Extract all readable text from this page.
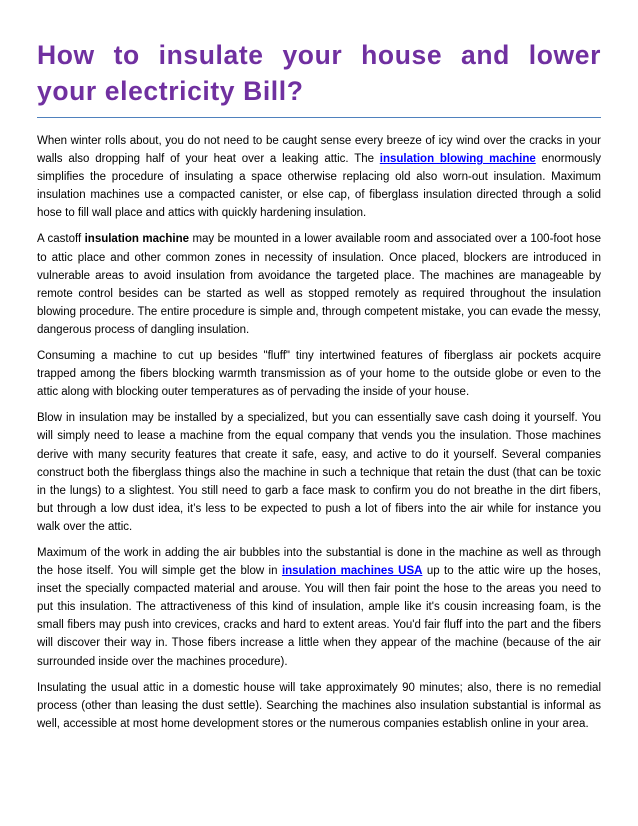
How to insulate your house and lower your electricity Bill?

When winter rolls about, you do not need to be caught sense every breeze of icy wind over the cracks in your walls also dropping half of your heat over a leaking attic. The insulation blowing machine enormously simplifies the procedure of insulating a space otherwise replacing old also worn-out insulation. Maximum insulation machines use a compacted canister, or else cap, of fiberglass insulation directed through a solid hose to fill wall place and attics with quickly hardening insulation.

A castoff insulation machine may be mounted in a lower available room and associated over a 100-foot hose to attic place and other common zones in necessity of insulation. Once placed, blockers are introduced in vulnerable areas to avoid insulation from avoidance the targeted place. The machines are manageable by remote control besides can be started as well as stopped remotely as required throughout the insulation blowing procedure. The entire procedure is simple and, through competent mistake, you can evade the messy, dangerous process of dangling insulation.

Consuming a machine to cut up besides "fluff" tiny intertwined features of fiberglass air pockets acquire trapped among the fibers blocking warmth transmission as of your home to the outside globe or even to the attic along with blocking outer temperatures as of pervading the inside of your house.

Blow in insulation may be installed by a specialized, but you can essentially save cash doing it yourself. You will simply need to lease a machine from the equal company that vends you the insulation. Those machines derive with many security features that create it safe, easy, and active to do it yourself. Several companies construct both the fiberglass things also the machine in such a technique that retain the dust (that can be toxic in the lungs) to a slightest. You still need to garb a face mask to confirm you do not breathe in the dirt fibers, but through a low dust idea, it’s less to be expected to push a lot of fibers into the air while for instance you walk over the attic.

Maximum of the work in adding the air bubbles into the substantial is done in the machine as well as through the hose itself. You will simple get the blow in insulation machines USA up to the attic wire up the hoses, inset the specially compacted material and arouse. You will then fair point the hose to the areas you need to put this insulation. The attractiveness of this kind of insulation, ample like it's cousin increasing foam, is the small fibers may push into crevices, cracks and hard to extent areas. You'd fair fluff into the part and the fibers will discover their way in. Those fibers increase a little when they appear of the machine (because of the air surrounded inside over the machines procedure).

Insulating the usual attic in a domestic house will take approximately 90 minutes; also, there is no remedial process (other than leasing the dust settle). Searching the machines also insulation substantial is informal as well, accessible at most home development stores or the numerous companies establish online in your area.
